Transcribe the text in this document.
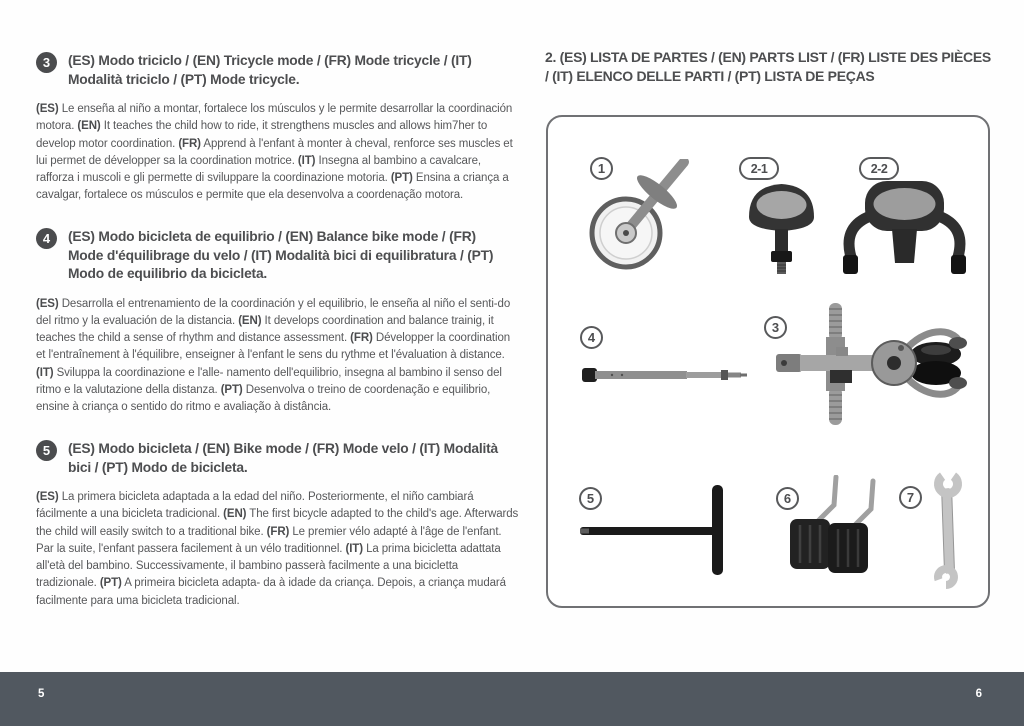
3	(ES) Modo triciclo / (EN) Tricycle mode / (FR) Mode tricycle / (IT) Modalità triciclo / (PT) Mode tricycle.

(ES) Le enseña al niño a montar, fortalece los músculos y le permite desarrollar la coordinación motora. (EN) It teaches the child how to ride, it strengthens muscles and allows him7her to develop motor coordination. (FR) Apprend à l'enfant à monter à cheval, renforce ses muscles et lui permet de développer sa la coordination motrice. (IT) Insegna al bambino a cavalcare, rafforza i muscoli e gli permette di sviluppare la coordinazione motoria. (PT) Ensina a criança a cavalgar, fortalece os músculos e permite que ela desenvolva a coordenação motora.

4	(ES) Modo bicicleta de equilibrio / (EN) Balance bike mode / (FR) Mode d'équilibrage du velo / (IT) Modalità bici di equilibratura / (PT) Modo de equilibrio da bicicleta.

(ES) Desarrolla el entrenamiento de la coordinación y el equilibrio, le enseña al niño el senti-do del ritmo y la evaluación de la distancia. (EN) It develops coordination and balance trainig, it teaches the child a sense of rhythm and distance assessment. (FR) Développer la coordination et l'entraînement à l'équilibre, enseigner à l'enfant le sens du rythme et l'évaluation à distance. (IT) Sviluppa la coordinazione e l'alle- namento dell'equilibrio, insegna al bambino il senso del ritmo e la valutazione della distanza. (PT) Desenvolva o treino de coordenação e equilibrio, ensine à criança o sentido do ritmo e avaliação à distância.

5	(ES) Modo bicicleta / (EN) Bike mode / (FR) Mode velo / (IT) Modalità bici / (PT) Modo de bicicleta.

(ES) La primera bicicleta adaptada a la edad del niño. Posteriormente, el niño cambiará fácilmente a una bicicleta tradicional. (EN) The first bicycle adapted to the child's age. Afterwards the child will easily switch to a traditional bike. (FR) Le premier vélo adapté à l'âge de l'enfant. Par la suite, l'enfant passera facilement à un vélo traditionnel. (IT) La prima bicicletta adattata all'età del bambino. Successivamente, il bambino passerà facilmente a una bicicletta tradizionale. (PT) A primeira bicicleta adapta- da à idade da criança. Depois, a criança mudará facilmente para uma bicicleta tradicional.

2. (ES) LISTA DE PARTES / (EN) PARTS LIST / (FR) LISTE DES PIÈCES / (IT) ELENCO DELLE PARTI / (PT) LISTA DE PEÇAS
1	2-1	2-2
4
3
5	6	7
5	6
